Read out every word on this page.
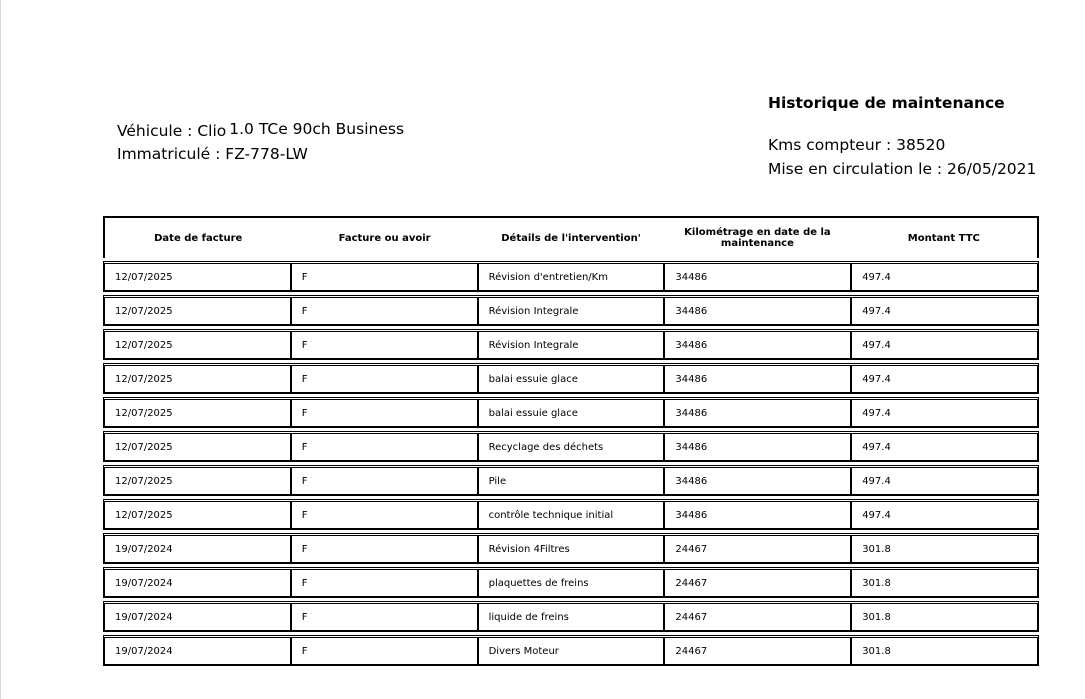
Véhicule : Clio 1.0 TCe 90ch Business
Immatriculé : FZ-778-LW
Historique de maintenance
Kms compteur : 38520
Mise en circulation le : 26/05/2021
Date de facture	Facture ou avoir	Détails de l'intervention'	Kilométrage en date de la maintenance	Montant TTC
12/07/2025	F	Révision d'entretien/Km	34486	497.4
12/07/2025	F	Révision Integrale	34486	497.4
12/07/2025	F	Révision Integrale	34486	497.4
12/07/2025	F	balai essuie glace	34486	497.4
12/07/2025	F	balai essuie glace	34486	497.4
12/07/2025	F	Recyclage des déchets	34486	497.4
12/07/2025	F	Pile	34486	497.4
12/07/2025	F	contrôle technique initial	34486	497.4
19/07/2024	F	Révision 4Filtres	24467	301.8
19/07/2024	F	plaquettes de freins	24467	301.8
19/07/2024	F	liquide de freins	24467	301.8
19/07/2024	F	Divers Moteur	24467	301.8
